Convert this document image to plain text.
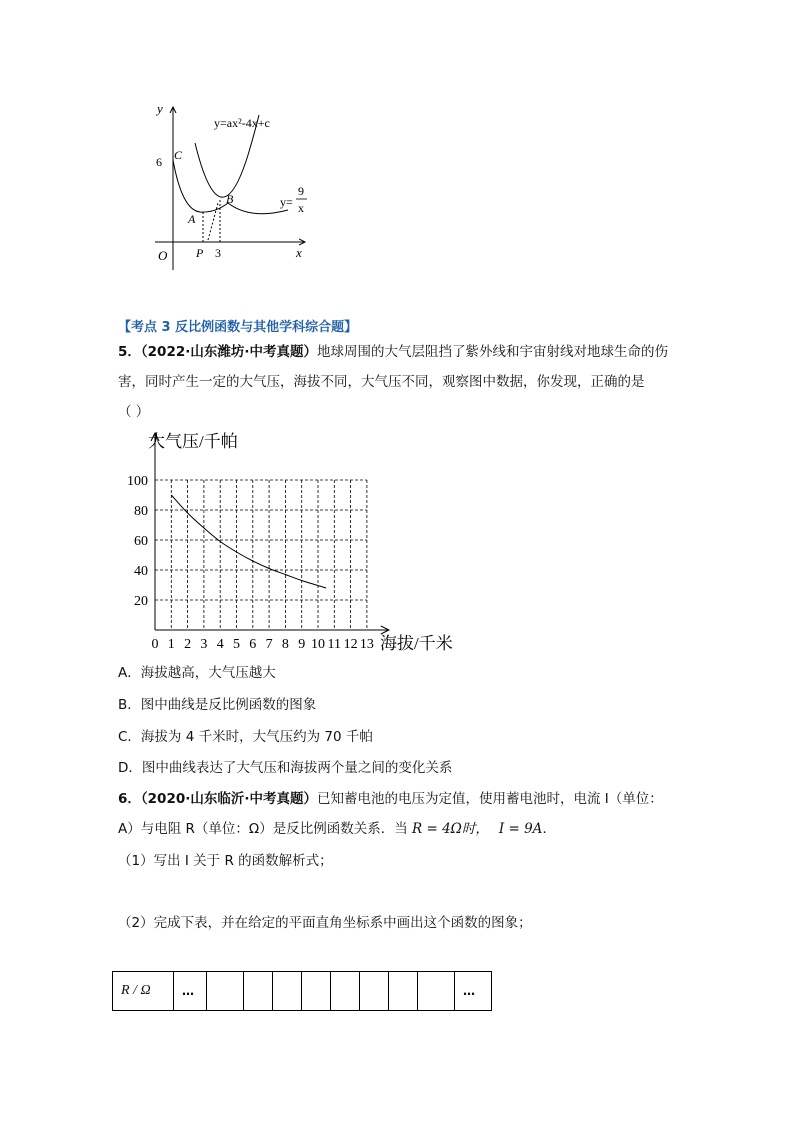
y
x
O
6
3
P
A
B
C
y=ax²-4x+c
y=
9
x
【考点 3 反比例函数与其他学科综合题】
5．（2022·山东潍坊·中考真题）地球周围的大气层阻挡了紫外线和宇宙射线对地球生命的伤
害，同时产生一定的大气压，海拔不同，大气压不同，观察图中数据，你发现，正确的是
（ ）
0 1 2 3 4 5 6 7 8 9 10 11 12 13
20
40
60
80
100
大气压/千帕
海拔/千米
A．海拔越高，大气压越大
B．图中曲线是反比例函数的图象
C．海拔为 4 千米时，大气压约为 70 千帕
D．图中曲线表达了大气压和海拔两个量之间的变化关系
6．（2020·山东临沂·中考真题）已知蓄电池的电压为定值，使用蓄电池时，电流 I（单位：
A）与电阻 R（单位：Ω）是反比例函数关系．当 R = 4Ω时， I = 9A．
（1）写出 I 关于 R 的函数解析式；
（2）完成下表，并在给定的平面直角坐标系中画出这个函数的图象；
R / Ω	…									…
